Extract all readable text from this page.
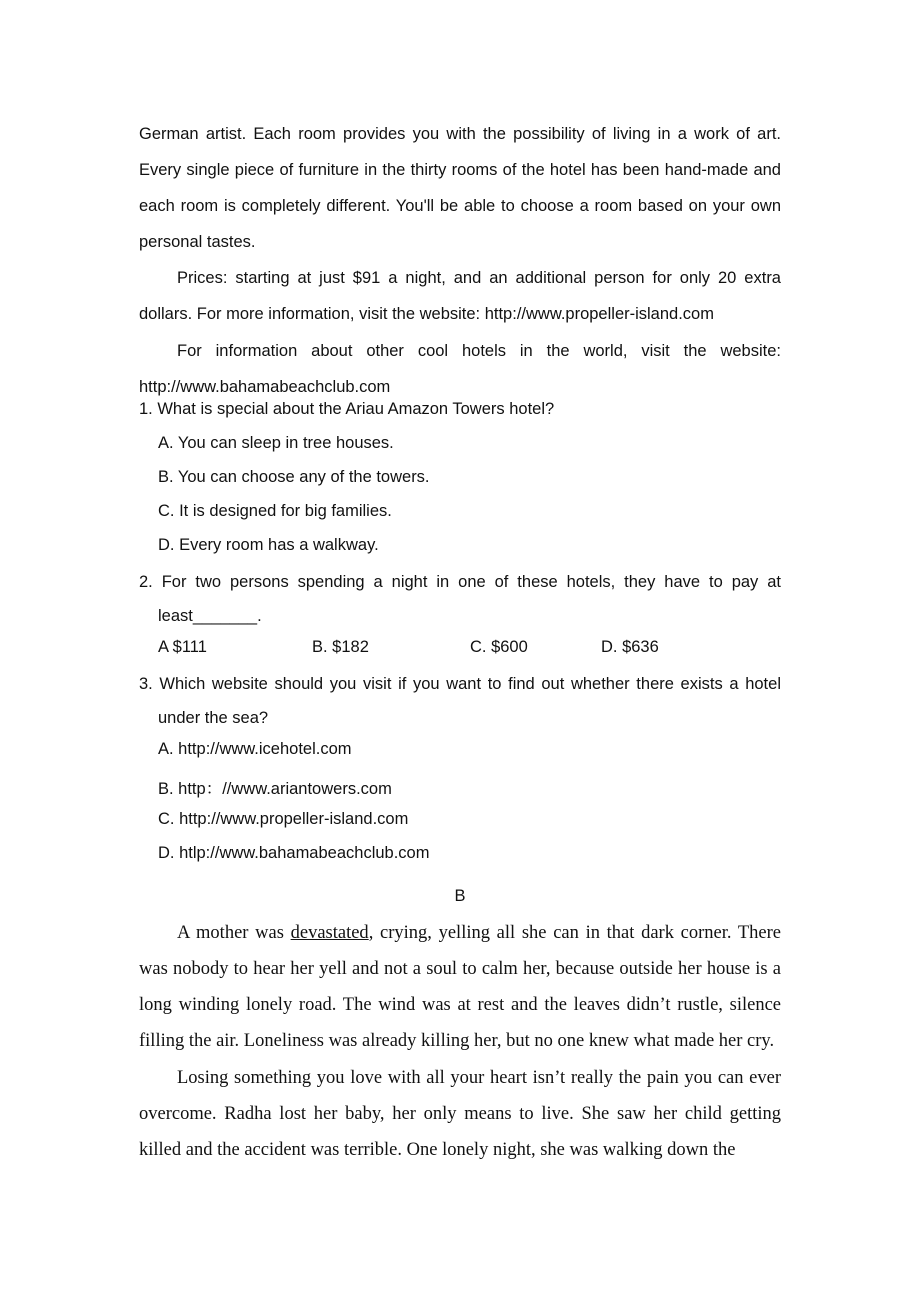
German artist. Each room provides you with the possibility of living in a work of art. Every single piece of furniture in the thirty rooms of the hotel has been hand-made and each room is completely different. You'll be able to choose a room based on your own personal tastes.

Prices: starting at just $91 a night, and an additional person for only 20 extra dollars. For more information, visit the website: http://www.propeller-island.com

For information about other cool hotels in the world, visit the website: http://www.bahamabeachclub.com

1. What is special about the Ariau Amazon Towers hotel?

A. You can sleep in tree houses.

B. You can choose any of the towers.

C. It is designed for big families.

D. Every room has a walkway.

2. For two persons spending a night in one of these hotels, they have to pay at least_______.

A $111	B. $182	C. $600	D. $636

3. Which website should you visit if you want to find out whether there exists a hotel under the sea?

A. http://www.icehotel.com

B. http：//www.ariantowers.com

C. http://www.propeller-island.com

D. htlp://www.bahamabeachclub.com

B

A mother was devastated, crying, yelling all she can in that dark corner. There was nobody to hear her yell and not a soul to calm her, because outside her house is a long winding lonely road. The wind was at rest and the leaves didn’t rustle, silence filling the air. Loneliness was already killing her, but no one knew what made her cry.

Losing something you love with all your heart isn’t really the pain you can ever overcome. Radha lost her baby, her only means to live. She saw her child getting killed and the accident was terrible. One lonely night, she was walking down the
